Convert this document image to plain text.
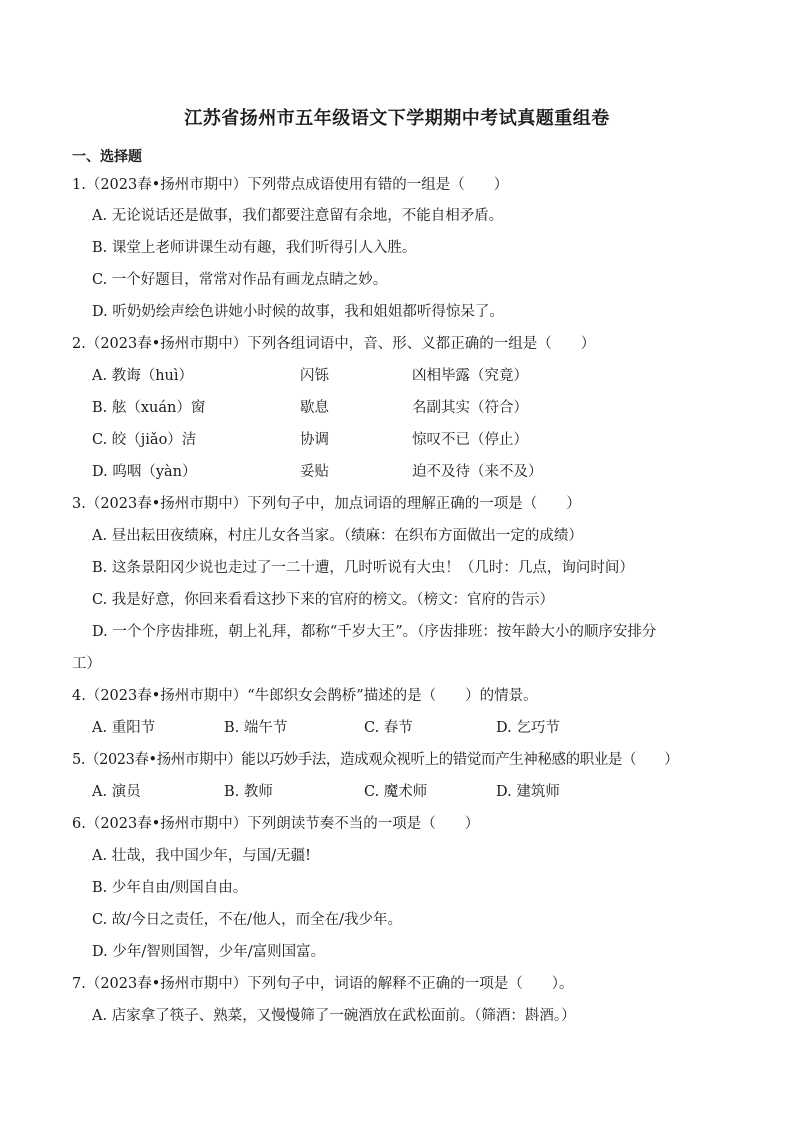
江苏省扬州市五年级语文下学期期中考试真题重组卷
一、选择题
1.（2023春•扬州市期中）下列带点成语使用有错的一组是（　　）
A. 无论说话还是做事，我们都要注意留有余地，不能自相矛盾。
B. 课堂上老师讲课生动有趣，我们听得引人入胜。
C. 一个好题目，常常对作品有画龙点睛之妙。
D. 听奶奶绘声绘色讲她小时候的故事，我和姐姐都听得惊呆了。
2.（2023春•扬州市期中）下列各组词语中，音、形、义都正确的一组是（　　）
A. 教诲（huì）	闪铄	凶相毕露（究竟）
B. 舷（xuán）窗	歇息	名副其实（符合）
C. 皎（jiǎo）洁	协调	惊叹不已（停止）
D. 呜咽（yàn）	妥贴	迫不及待（来不及）
3.（2023春•扬州市期中）下列句子中，加点词语的理解正确的一项是（　　）
A. 昼出耘田夜绩麻，村庄儿女各当家。（绩麻：在织布方面做出一定的成绩）
B. 这条景阳冈少说也走过了一二十遭，几时听说有大虫！（几时：几点，询问时间）
C. 我是好意，你回来看看这抄下来的官府的榜文。（榜文：官府的告示）
D. 一个个序齿排班，朝上礼拜，都称“千岁大王”。（序齿排班：按年龄大小的顺序安排分
工）
4.（2023春•扬州市期中）“牛郎织女会鹊桥”描述的是（　　）的情景。
A. 重阳节	B. 端午节	C. 春节	D. 乞巧节
5.（2023春•扬州市期中）能以巧妙手法，造成观众视听上的错觉而产生神秘感的职业是（　　）
A. 演员	B. 教师	C. 魔术师	D. 建筑师
6.（2023春•扬州市期中）下列朗读节奏不当的一项是（　　）
A. 壮哉，我中国少年，与国/无疆!
B. 少年自由/则国自由。
C. 故/今日之责任，不在/他人，而全在/我少年。
D. 少年/智则国智，少年/富则国富。
7.（2023春•扬州市期中）下列句子中，词语的解释不正确的一项是（　　）。
A. 店家拿了筷子、熟菜，又慢慢筛了一碗酒放在武松面前。（筛酒：斟酒。）
